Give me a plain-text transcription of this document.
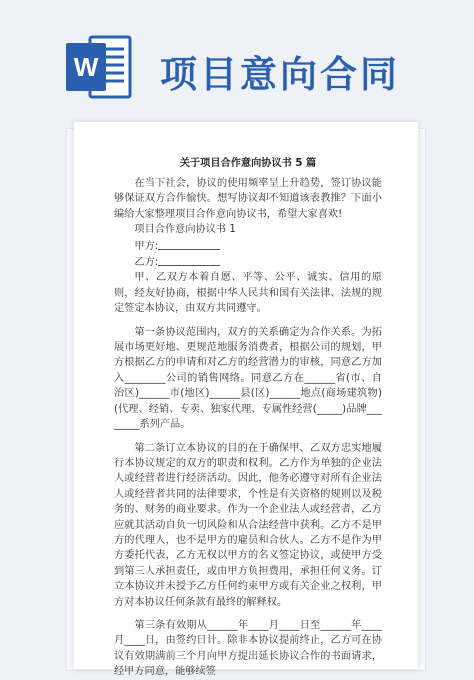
W 项目意向合同
关于项目合作意向协议书 5 篇

在当下社会，协议的使用频率呈上升趋势，签订协议能够保证双方合作愉快。想写协议却不知道该表教推？下面小编给大家整理项目合作意向协议书，希望大家喜欢!

项目合作意向协议书 1
甲方:
乙方:

甲、乙双方本着自愿、平等、公平、诚实、信用的原则，经友好协商，根据中华人民共和国有关法律、法规的规定签定本协议，由双方共同遵守。

第一条协议范围内，双方的关系确定为合作关系。为拓展市场更好地、更规范地服务消费者，根据公司的规划，甲方根据乙方的申请和对乙方的经营潜力的审核，同意乙方加入________公司的销售网络。同意乙方在______省(市、自治区)______市(地区)______县(区)______地点(商场建筑物)(代理、经销、专卖、独家代理、专属性经营(_____)品牌________系列产品。

第二条订立本协议的目的在于确保甲、乙双方忠实地履行本协议规定的双方的职责和权利。乙方作为单独的企业法人或经营者进行经济活动。因此，他务必遵守对所有企业法人或经营者共同的法律要求，个性是有关资格的规则以及税务的、财务的商业要求。作为一个企业法人或经营者，乙方应就其活动自负一切风险和从合法经营中获利。乙方不是甲方的代理人，也不是甲方的雇员和合伙人。乙方不是作为甲方委托代表，乙方无权以甲方的名义签定协议，或使甲方受到第三人承担责任，或由甲方负担费用，承担任何义务。订立本协议并未授予乙方任何约束甲方或有关企业之权利，甲方对本协议任何条款有最终的解释权。

第三条有效期从______年____月____日至______年____月____日，由签约日计。除非本协议提前终止，乙方可在协议有效期满前三个月向甲方提出延长协议合作的书面请求，经甲方同意，能够续签
